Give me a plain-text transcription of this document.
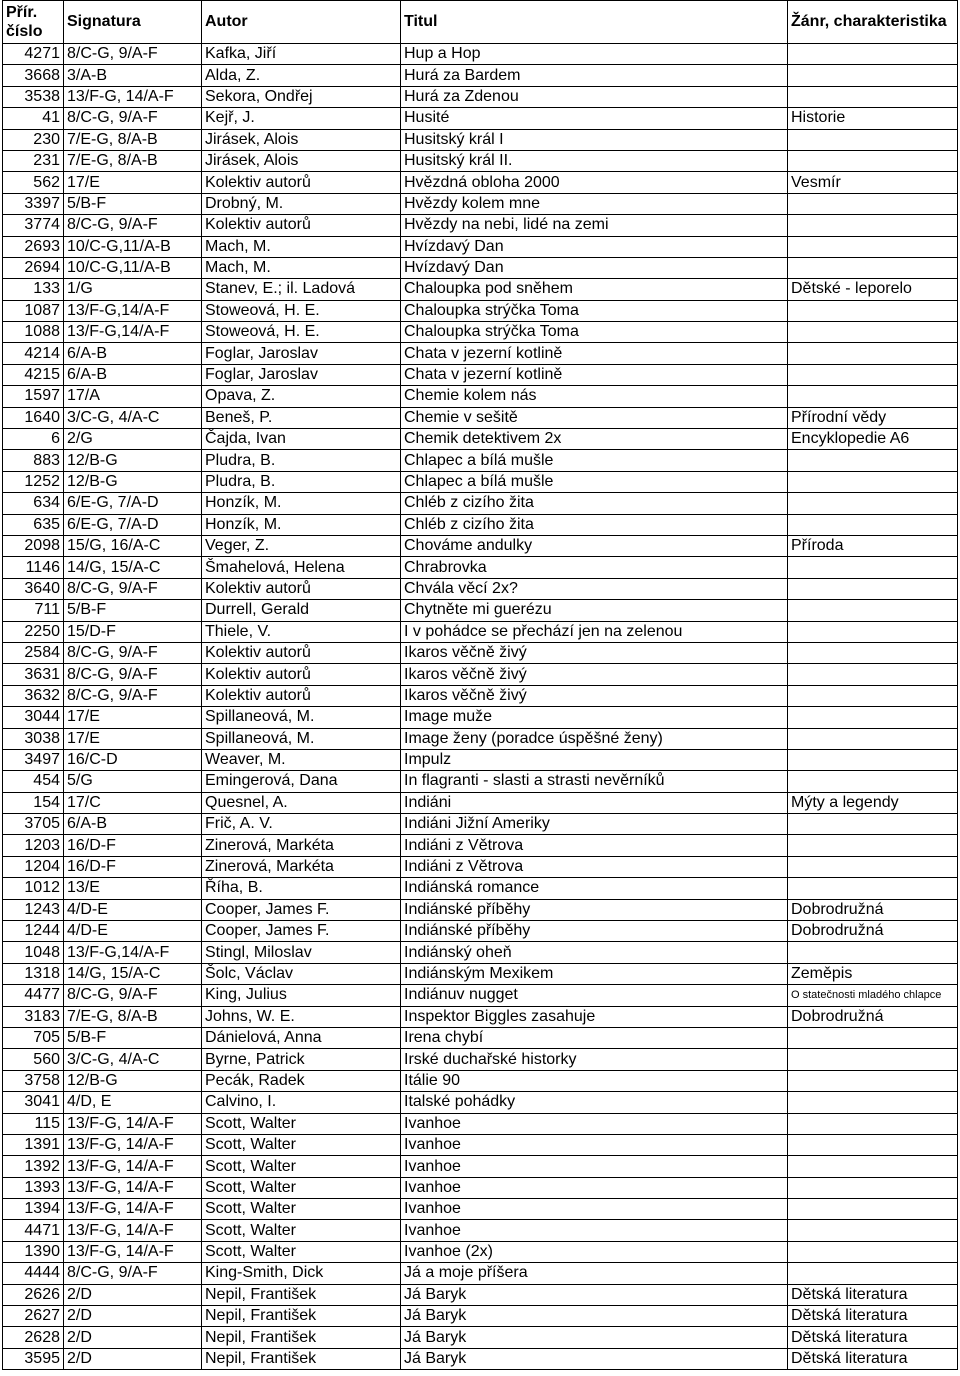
Přír.
číslo	Signatura	Autor	Titul	Žánr, charakteristika
4271	8/C-G, 9/A-F	Kafka, Jiří	Hup a Hop	
3668	3/A-B	Alda, Z.	Hurá za Bardem	
3538	13/F-G, 14/A-F	Sekora, Ondřej	Hurá za Zdenou	
41	8/C-G, 9/A-F	Kejř, J.	Husité	Historie
230	7/E-G, 8/A-B	Jirásek, Alois	Husitský král I	
231	7/E-G, 8/A-B	Jirásek, Alois	Husitský král II.	
562	17/E	Kolektiv autorů	Hvězdná obloha 2000	Vesmír
3397	5/B-F	Drobný, M.	Hvězdy kolem mne	
3774	8/C-G, 9/A-F	Kolektiv autorů	Hvězdy na nebi, lidé na zemi	
2693	10/C-G,11/A-B	Mach, M.	Hvízdavý Dan	
2694	10/C-G,11/A-B	Mach, M.	Hvízdavý Dan	
133	1/G	Stanev, E.; il. Ladová	Chaloupka pod sněhem	Dětské - leporelo
1087	13/F-G,14/A-F	Stoweová, H. E.	Chaloupka strýčka Toma	
1088	13/F-G,14/A-F	Stoweová, H. E.	Chaloupka strýčka Toma	
4214	6/A-B	Foglar, Jaroslav	Chata v jezerní kotlině	
4215	6/A-B	Foglar, Jaroslav	Chata v jezerní kotlině	
1597	17/A	Opava, Z.	Chemie kolem nás	
1640	3/C-G, 4/A-C	Beneš, P.	Chemie v sešitě	Přírodní vědy
6	2/G	Čajda, Ivan	Chemik detektivem 2x	Encyklopedie A6
883	12/B-G	Pludra, B.	Chlapec a bílá mušle	
1252	12/B-G	Pludra, B.	Chlapec a bílá mušle	
634	6/E-G, 7/A-D	Honzík, M.	Chléb z cizího žita	
635	6/E-G, 7/A-D	Honzík, M.	Chléb z cizího žita	
2098	15/G, 16/A-C	Veger, Z.	Chováme andulky	Příroda
1146	14/G, 15/A-C	Šmahelová, Helena	Chrabrovka	
3640	8/C-G, 9/A-F	Kolektiv autorů	Chvála věcí 2x?	
711	5/B-F	Durrell, Gerald	Chytněte mi guerézu	
2250	15/D-F	Thiele, V.	I v pohádce se přechází jen na zelenou	
2584	8/C-G, 9/A-F	Kolektiv autorů	Ikaros věčně živý	
3631	8/C-G, 9/A-F	Kolektiv autorů	Ikaros věčně živý	
3632	8/C-G, 9/A-F	Kolektiv autorů	Ikaros věčně živý	
3044	17/E	Spillaneová, M.	Image muže	
3038	17/E	Spillaneová, M.	Image ženy (poradce úspěšné ženy)	
3497	16/C-D	Weaver, M.	Impulz	
454	5/G	Emingerová, Dana	In flagranti - slasti a strasti nevěrníků	
154	17/C	Quesnel, A.	Indiáni	Mýty a legendy
3705	6/A-B	Frič, A. V.	Indiáni Jižní Ameriky	
1203	16/D-F	Zinerová, Markéta	Indiáni z Větrova	
1204	16/D-F	Zinerová, Markéta	Indiáni z Větrova	
1012	13/E	Říha, B.	Indiánská romance	
1243	4/D-E	Cooper, James F.	Indiánské příběhy	Dobrodružná
1244	4/D-E	Cooper, James F.	Indiánské příběhy	Dobrodružná
1048	13/F-G,14/A-F	Stingl, Miloslav	Indiánský oheň	
1318	14/G, 15/A-C	Šolc, Václav	Indiánským Mexikem	Zeměpis
4477	8/C-G, 9/A-F	King, Julius	Indiánuv nugget	O statečnosti mladého chlapce
3183	7/E-G, 8/A-B	Johns, W. E.	Inspektor Biggles zasahuje	Dobrodružná
705	5/B-F	Dánielová, Anna	Irena chybí	
560	3/C-G, 4/A-C	Byrne, Patrick	Irské duchařské historky	
3758	12/B-G	Pecák, Radek	Itálie 90	
3041	4/D, E	Calvino, I.	Italské pohádky	
115	13/F-G, 14/A-F	Scott, Walter	Ivanhoe	
1391	13/F-G, 14/A-F	Scott, Walter	Ivanhoe	
1392	13/F-G, 14/A-F	Scott, Walter	Ivanhoe	
1393	13/F-G, 14/A-F	Scott, Walter	Ivanhoe	
1394	13/F-G, 14/A-F	Scott, Walter	Ivanhoe	
4471	13/F-G, 14/A-F	Scott, Walter	Ivanhoe	
1390	13/F-G, 14/A-F	Scott, Walter	Ivanhoe (2x)	
4444	8/C-G, 9/A-F	King-Smith, Dick	Já a moje příšera	
2626	2/D	Nepil, František	Já Baryk	Dětská literatura
2627	2/D	Nepil, František	Já Baryk	Dětská literatura
2628	2/D	Nepil, František	Já Baryk	Dětská literatura
3595	2/D	Nepil, František	Já Baryk	Dětská literatura
